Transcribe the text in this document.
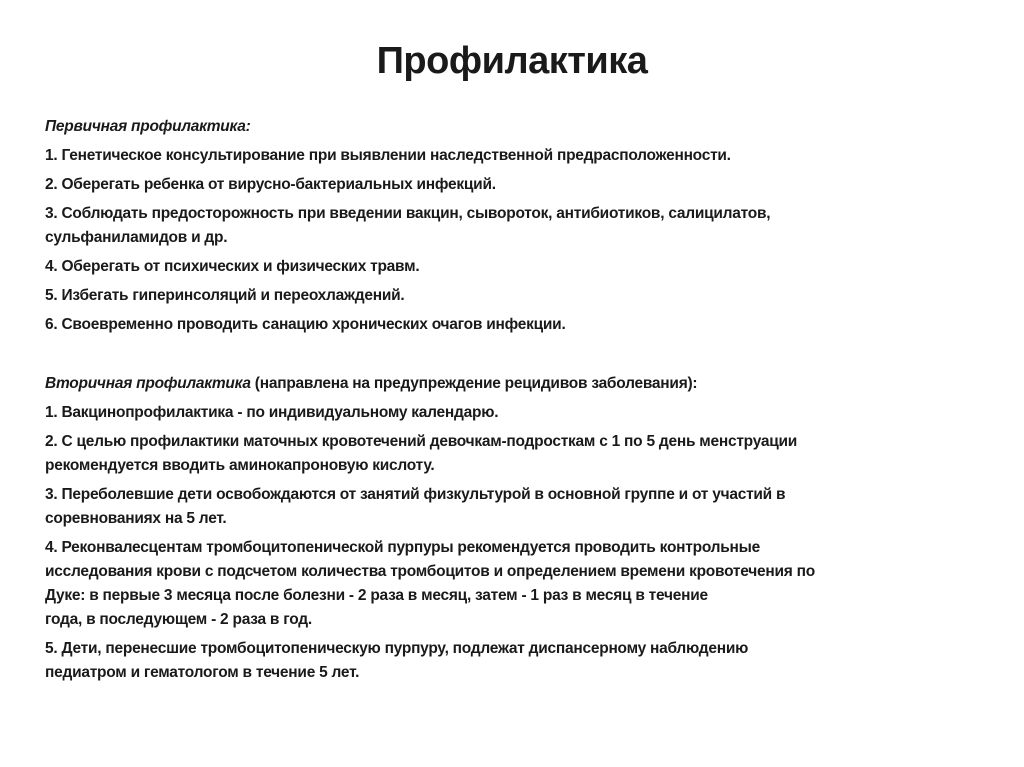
Профилактика
Первичная профилактика:
1. Генетическое консультирование при выявлении наследственной предрасположенности.
2. Оберегать ребенка от вирусно-бактериальных инфекций.
3. Соблюдать предосторожность при введении вакцин, сывороток, антибиотиков, салицилатов,
сульфаниламидов и др.
4. Оберегать от психических и физических травм.
5. Избегать гиперинсоляций и переохлаждений.
6. Своевременно проводить санацию хронических очагов инфекции.
Вторичная профилактика (направлена на предупреждение рецидивов заболевания):
1. Вакцинопрофилактика - по индивидуальному календарю.
2. С целью профилактики маточных кровотечений девочкам-подросткам с 1 по 5 день менструации
рекомендуется вводить аминокапроновую кислоту.
3. Переболевшие дети освобождаются от занятий физкультурой в основной группе и от участий в
соревнованиях на 5 лет.
4. Реконвалесцентам тромбоцитопенической пурпуры рекомендуется проводить контрольные
исследования крови с подсчетом количества тромбоцитов и определением времени кровотечения по
Дуке: в первые 3 месяца после болезни - 2 раза в месяц, затем - 1 раз в месяц в течение
года, в последующем - 2 раза в год.
5. Дети, перенесшие тромбоцитопеническую пурпуру, подлежат диспансерному наблюдению
педиатром и гематологом в течение 5 лет.
